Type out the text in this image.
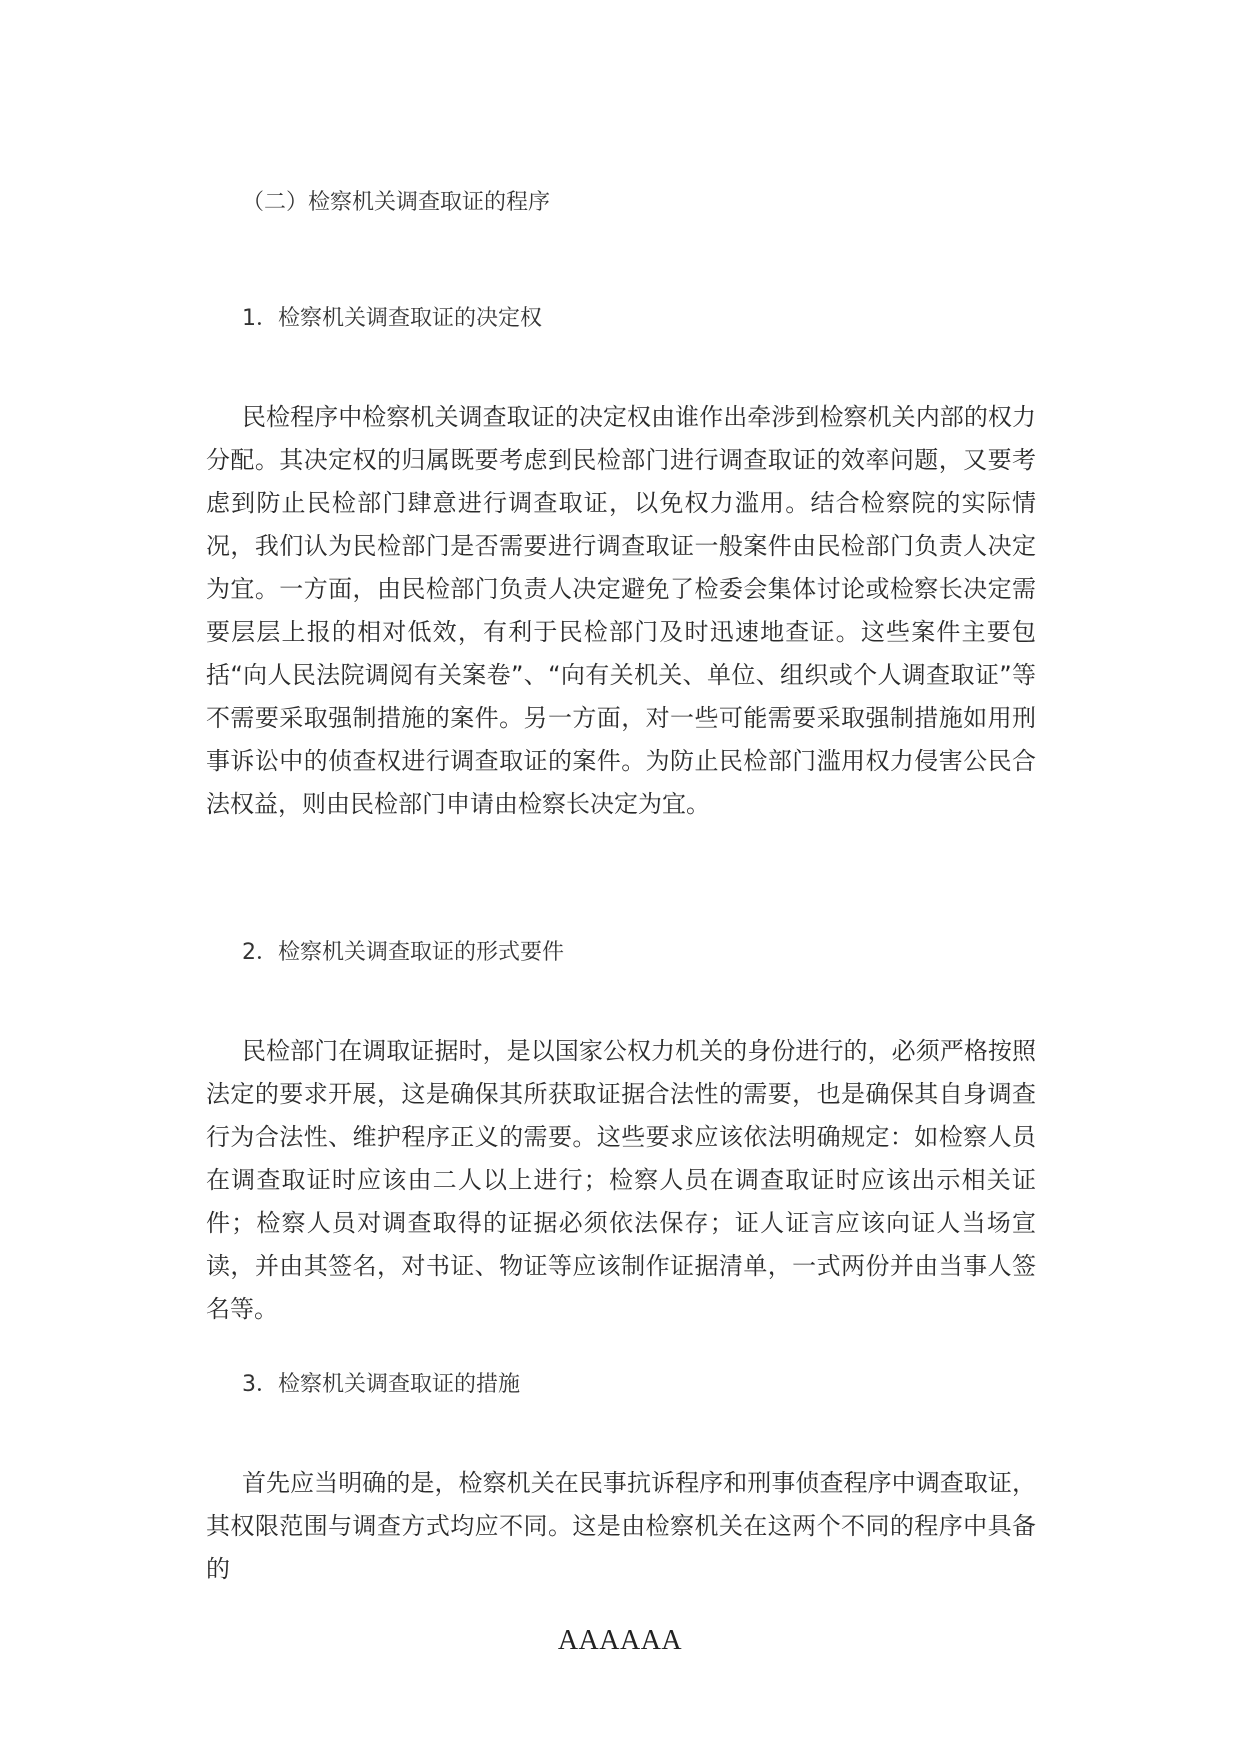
（二）检察机关调查取证的程序
1．检察机关调查取证的决定权

民检程序中检察机关调查取证的决定权由谁作出牵涉到检察机关内部的权力分配。其决定权的归属既要考虑到民检部门进行调查取证的效率问题，又要考虑到防止民检部门肆意进行调查取证，以免权力滥用。结合检察院的实际情况，我们认为民检部门是否需要进行调查取证一般案件由民检部门负责人决定为宜。一方面，由民检部门负责人决定避免了检委会集体讨论或检察长决定需要层层上报的相对低效，有利于民检部门及时迅速地查证。这些案件主要包括“向人民法院调阅有关案卷”、“向有关机关、单位、组织或个人调查取证”等不需要采取强制措施的案件。另一方面，对一些可能需要采取强制措施如用刑事诉讼中的侦查权进行调查取证的案件。为防止民检部门滥用权力侵害公民合法权益，则由民检部门申请由检察长决定为宜。

2．检察机关调查取证的形式要件

民检部门在调取证据时，是以国家公权力机关的身份进行的，必须严格按照法定的要求开展，这是确保其所获取证据合法性的需要，也是确保其自身调查行为合法性、维护程序正义的需要。这些要求应该依法明确规定：如检察人员在调查取证时应该由二人以上进行；检察人员在调查取证时应该出示相关证件；检察人员对调查取得的证据必须依法保存；证人证言应该向证人当场宣读，并由其签名，对书证、物证等应该制作证据清单，一式两份并由当事人签名等。

3．检察机关调查取证的措施

首先应当明确的是，检察机关在民事抗诉程序和刑事侦查程序中调查取证，其权限范围与调查方式均应不同。这是由检察机关在这两个不同的程序中具备的

AAAAAA
